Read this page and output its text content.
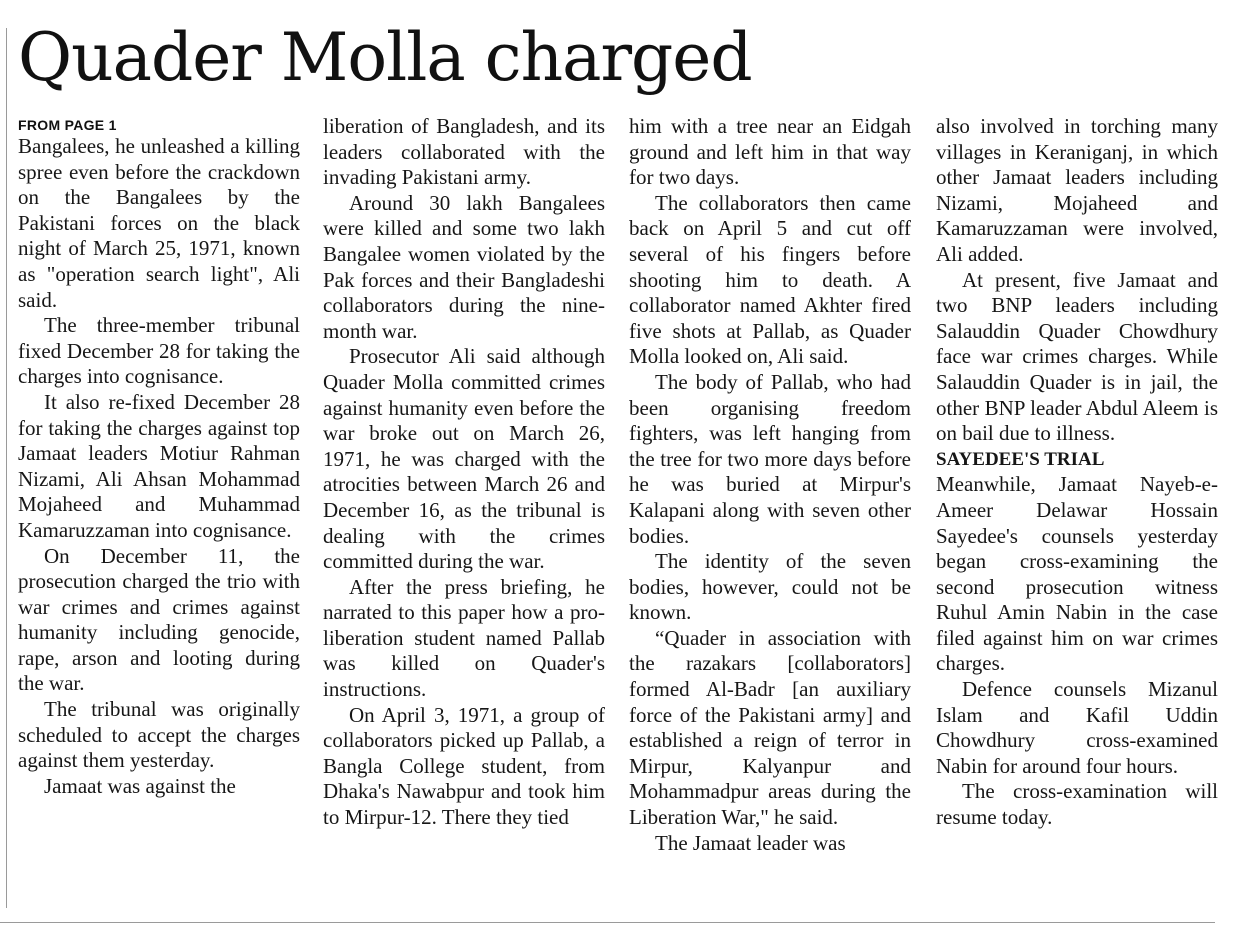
Quader Molla charged
FROM PAGE 1

Bangalees, he unleashed a killing spree even before the crackdown on the Bangalees by the Pakistani forces on the black night of March 25, 1971, known as "operation search light", Ali said.

The three-member tribunal fixed December 28 for taking the charges into cognisance.

It also re-fixed December 28 for taking the charges against top Jamaat leaders Motiur Rahman Nizami, Ali Ahsan Mohammad Mojaheed and Muhammad Kamaruzzaman into cognisance.

On December 11, the prosecution charged the trio with war crimes and crimes against humanity including genocide, rape, arson and looting during the war.

The tribunal was originally scheduled to accept the charges against them yesterday.

Jamaat was against the

liberation of Bangladesh, and its leaders collaborated with the invading Pakistani army.

Around 30 lakh Bangalees were killed and some two lakh Bangalee women violated by the Pak forces and their Bangladeshi collaborators during the nine-month war.

Prosecutor Ali said although Quader Molla committed crimes against humanity even before the war broke out on March 26, 1971, he was charged with the atrocities between March 26 and December 16, as the tribunal is dealing with the crimes committed during the war.

After the press briefing, he narrated to this paper how a pro-liberation student named Pallab was killed on Quader's instructions.

On April 3, 1971, a group of collaborators picked up Pallab, a Bangla College student, from Dhaka's Nawabpur and took him to Mirpur-12. There they tied

him with a tree near an Eidgah ground and left him in that way for two days.

The collaborators then came back on April 5 and cut off several of his fingers before shooting him to death. A collaborator named Akhter fired five shots at Pallab, as Quader Molla looked on, Ali said.

The body of Pallab, who had been organising freedom fighters, was left hanging from the tree for two more days before he was buried at Mirpur's Kalapani along with seven other bodies.

The identity of the seven bodies, however, could not be known.

“Quader in association with the razakars [collaborators] formed Al-Badr [an auxiliary force of the Pakistani army] and established a reign of terror in Mirpur, Kalyanpur and Mohammadpur areas during the Liberation War," he said.

The Jamaat leader was

also involved in torching many villages in Keraniganj, in which other Jamaat leaders including Nizami, Mojaheed and Kamaruzzaman were involved, Ali added.

At present, five Jamaat and two BNP leaders including Salauddin Quader Chowdhury face war crimes charges. While Salauddin Quader is in jail, the other BNP leader Abdul Aleem is on bail due to illness.

SAYEDEE'S TRIAL

Meanwhile, Jamaat Nayeb-e-Ameer Delawar Hossain Sayedee's counsels yesterday began cross-examining the second prosecution witness Ruhul Amin Nabin in the case filed against him on war crimes charges.

Defence counsels Mizanul Islam and Kafil Uddin Chowdhury cross-examined Nabin for around four hours.

The cross-examination will resume today.
